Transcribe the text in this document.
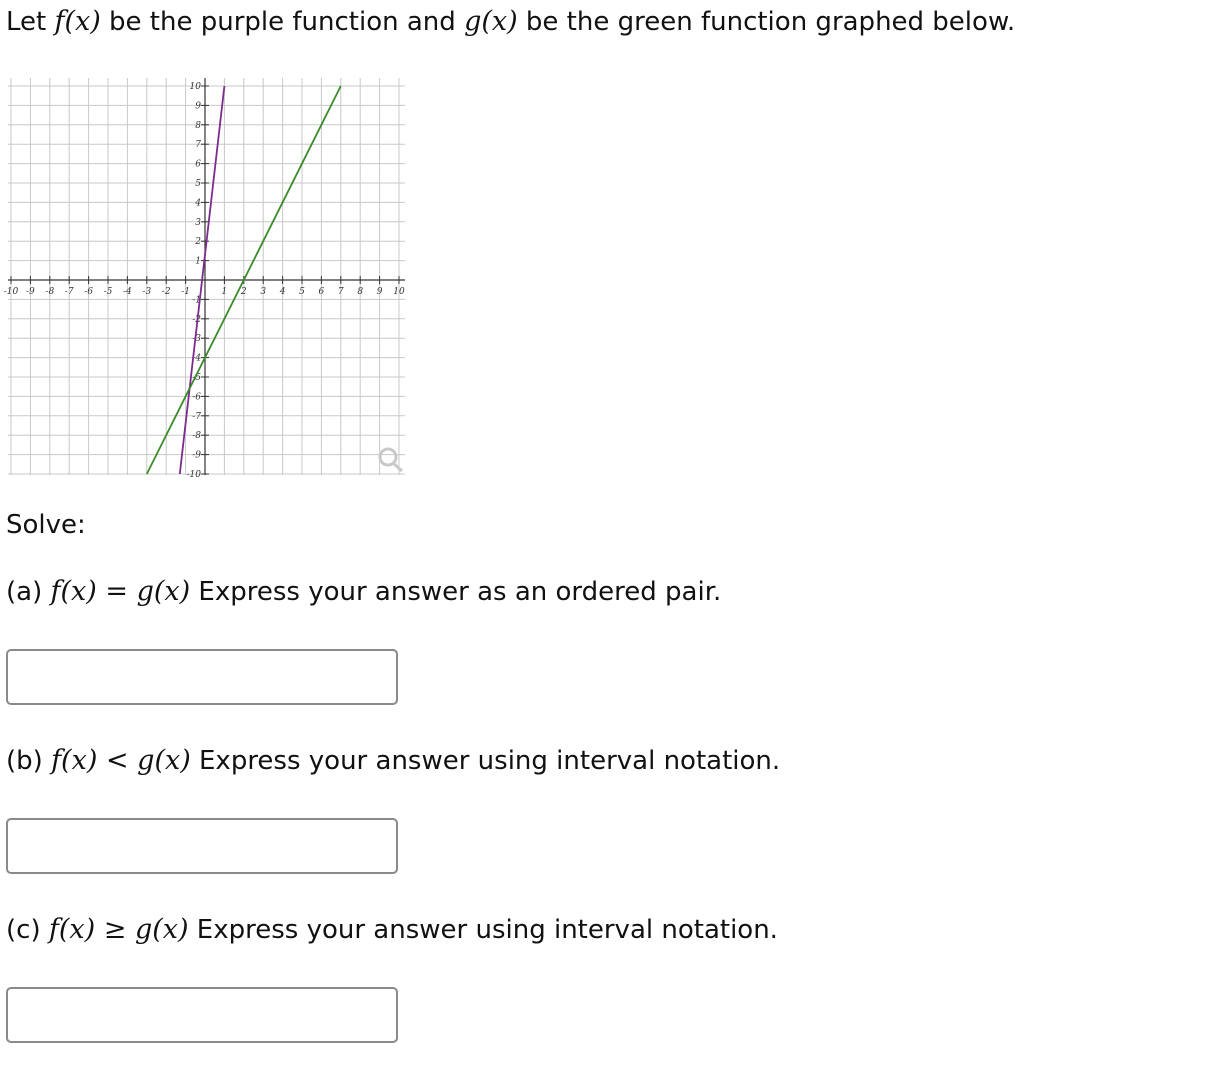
Let f(x) be the purple function and g(x) be the green function graphed below.
-10 -9 -8 -7 -6 -5 -4 -3 -2 -1	1 2 3 4 5 6 7 8 9 10
10
9
8
7
6
5
4
3
2
1
-1
-2
-3
-4
-5
-6
-7
-8
-9
-10
Solve:
(a) f(x) = g(x) Express your answer as an ordered pair.
(b) f(x) < g(x) Express your answer using interval notation.
(c) f(x) ≥ g(x) Express your answer using interval notation.
